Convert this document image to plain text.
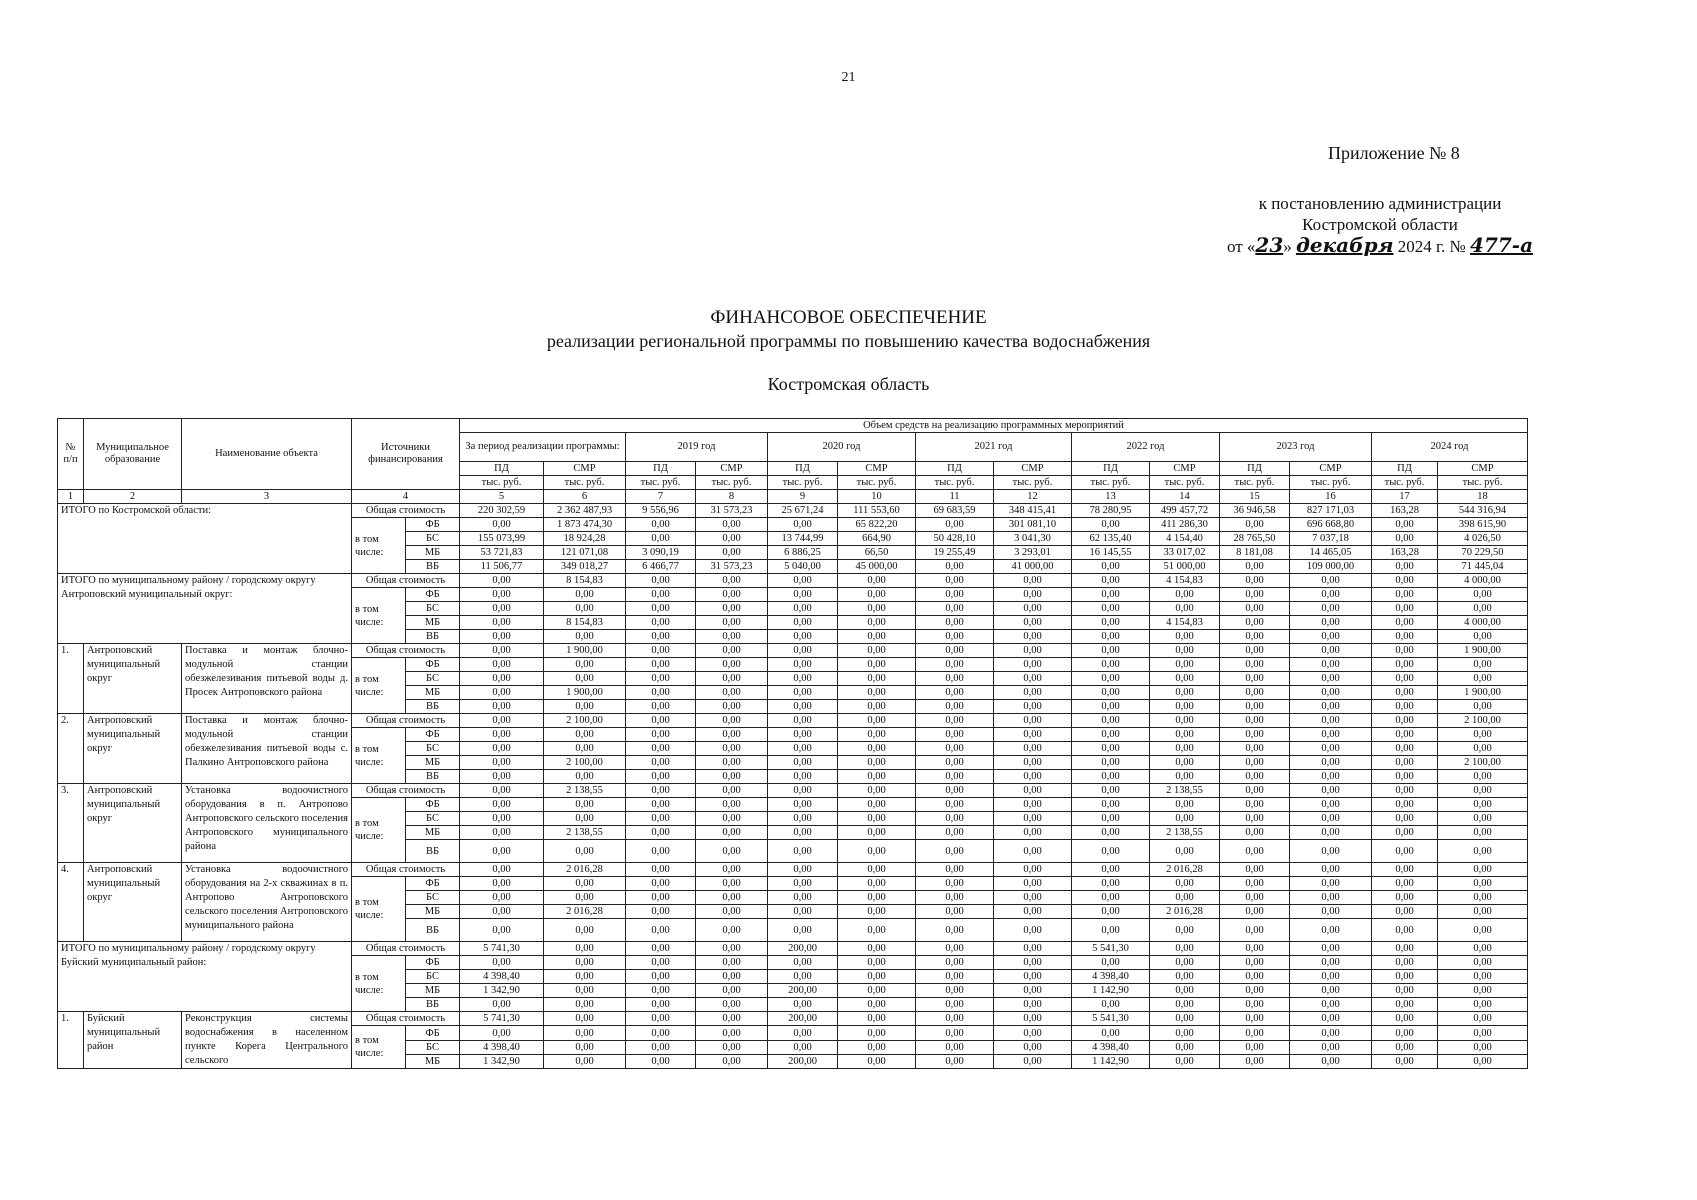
21
Приложение № 8
к постановлению администрации
Костромской области
от «23» декабря 2024 г. № 477-а
ФИНАНСОВОЕ ОБЕСПЕЧЕНИЕ
реализации региональной программы по повышению качества водоснабжения
Костромская область
№ п/п	Муниципальное образование	Наименование объекта	Источники финансирования		Объем средств на реализацию программных мероприятий													
					За период реализации программы:		2019 год		2020 год		2021 год		2022 год		2023 год		2024 год	
					ПД	СМР	ПД	СМР	ПД	СМР	ПД	СМР	ПД	СМР	ПД	СМР	ПД	СМР
					тыс. руб.	тыс. руб.	тыс. руб.	тыс. руб.	тыс. руб.	тыс. руб.	тыс. руб.	тыс. руб.	тыс. руб.	тыс. руб.	тыс. руб.	тыс. руб.	тыс. руб.	тыс. руб.
1	2	3	4		5	6	7	8	9	10	11	12	13	14	15	16	17	18
ИТОГО по Костромской области:			Общая стоимость		220 302,59	2 362 487,93	9 556,96	31 573,23	25 671,24	111 553,60	69 683,59	348 415,41	78 280,95	499 457,72	36 946,58	827 171,03	163,28	544 316,94
			в том числе:	ФБ	0,00	1 873 474,30	0,00	0,00	0,00	65 822,20	0,00	301 081,10	0,00	411 286,30	0,00	696 668,80	0,00	398 615,90
				БС	155 073,99	18 924,28	0,00	0,00	13 744,99	664,90	50 428,10	3 041,30	62 135,40	4 154,40	28 765,50	7 037,18	0,00	4 026,50
				МБ	53 721,83	121 071,08	3 090,19	0,00	6 886,25	66,50	19 255,49	3 293,01	16 145,55	33 017,02	8 181,08	14 465,05	163,28	70 229,50
				ВБ	11 506,77	349 018,27	6 466,77	31 573,23	5 040,00	45 000,00	0,00	41 000,00	0,00	51 000,00	0,00	109 000,00	0,00	71 445,04
ИТОГО по муниципальному району / городскому округу Антроповский муниципальный округ:			Общая стоимость		0,00	8 154,83	0,00	0,00	0,00	0,00	0,00	0,00	0,00	4 154,83	0,00	0,00	0,00	4 000,00
			в том числе:	ФБ	0,00	0,00	0,00	0,00	0,00	0,00	0,00	0,00	0,00	0,00	0,00	0,00	0,00	0,00
				БС	0,00	0,00	0,00	0,00	0,00	0,00	0,00	0,00	0,00	0,00	0,00	0,00	0,00	0,00
				МБ	0,00	8 154,83	0,00	0,00	0,00	0,00	0,00	0,00	0,00	4 154,83	0,00	0,00	0,00	4 000,00
				ВБ	0,00	0,00	0,00	0,00	0,00	0,00	0,00	0,00	0,00	0,00	0,00	0,00	0,00	0,00
1.	Антроповский муниципальный округ	Поставка и монтаж блочно-модульной станции обезжелезивания питьевой воды д. Просек Антроповского района	Общая стоимость		0,00	1 900,00	0,00	0,00	0,00	0,00	0,00	0,00	0,00	0,00	0,00	0,00	0,00	1 900,00
			в том числе:	ФБ	0,00	0,00	0,00	0,00	0,00	0,00	0,00	0,00	0,00	0,00	0,00	0,00	0,00	0,00
				БС	0,00	0,00	0,00	0,00	0,00	0,00	0,00	0,00	0,00	0,00	0,00	0,00	0,00	0,00
				МБ	0,00	1 900,00	0,00	0,00	0,00	0,00	0,00	0,00	0,00	0,00	0,00	0,00	0,00	1 900,00
				ВБ	0,00	0,00	0,00	0,00	0,00	0,00	0,00	0,00	0,00	0,00	0,00	0,00	0,00	0,00
2.	Антроповский муниципальный округ	Поставка и монтаж блочно-модульной станции обезжелезивания питьевой воды с. Палкино Антроповского района	Общая стоимость		0,00	2 100,00	0,00	0,00	0,00	0,00	0,00	0,00	0,00	0,00	0,00	0,00	0,00	2 100,00
			в том числе:	ФБ	0,00	0,00	0,00	0,00	0,00	0,00	0,00	0,00	0,00	0,00	0,00	0,00	0,00	0,00
				БС	0,00	0,00	0,00	0,00	0,00	0,00	0,00	0,00	0,00	0,00	0,00	0,00	0,00	0,00
				МБ	0,00	2 100,00	0,00	0,00	0,00	0,00	0,00	0,00	0,00	0,00	0,00	0,00	0,00	2 100,00
				ВБ	0,00	0,00	0,00	0,00	0,00	0,00	0,00	0,00	0,00	0,00	0,00	0,00	0,00	0,00
3.	Антроповский муниципальный округ	Установка водоочистного оборудования в п. Антропово Антроповского сельского поселения Антроповского муниципального района	Общая стоимость		0,00	2 138,55	0,00	0,00	0,00	0,00	0,00	0,00	0,00	2 138,55	0,00	0,00	0,00	0,00
			в том числе:	ФБ	0,00	0,00	0,00	0,00	0,00	0,00	0,00	0,00	0,00	0,00	0,00	0,00	0,00	0,00
				БС	0,00	0,00	0,00	0,00	0,00	0,00	0,00	0,00	0,00	0,00	0,00	0,00	0,00	0,00
				МБ	0,00	2 138,55	0,00	0,00	0,00	0,00	0,00	0,00	0,00	2 138,55	0,00	0,00	0,00	0,00
				ВБ	0,00	0,00	0,00	0,00	0,00	0,00	0,00	0,00	0,00	0,00	0,00	0,00	0,00	0,00
4.	Антроповский муниципальный округ	Установка водоочистного оборудования на 2-х скважинах в п. Антропово Антроповского сельского поселения Антроповского муниципального района	Общая стоимость		0,00	2 016,28	0,00	0,00	0,00	0,00	0,00	0,00	0,00	2 016,28	0,00	0,00	0,00	0,00
			в том числе:	ФБ	0,00	0,00	0,00	0,00	0,00	0,00	0,00	0,00	0,00	0,00	0,00	0,00	0,00	0,00
				БС	0,00	0,00	0,00	0,00	0,00	0,00	0,00	0,00	0,00	0,00	0,00	0,00	0,00	0,00
				МБ	0,00	2 016,28	0,00	0,00	0,00	0,00	0,00	0,00	0,00	2 016,28	0,00	0,00	0,00	0,00
				ВБ	0,00	0,00	0,00	0,00	0,00	0,00	0,00	0,00	0,00	0,00	0,00	0,00	0,00	0,00
ИТОГО по муниципальному району / городскому округу Буйский муниципальный район:			Общая стоимость		5 741,30	0,00	0,00	0,00	200,00	0,00	0,00	0,00	5 541,30	0,00	0,00	0,00	0,00	0,00
			в том числе:	ФБ	0,00	0,00	0,00	0,00	0,00	0,00	0,00	0,00	0,00	0,00	0,00	0,00	0,00	0,00
				БС	4 398,40	0,00	0,00	0,00	0,00	0,00	0,00	0,00	4 398,40	0,00	0,00	0,00	0,00	0,00
				МБ	1 342,90	0,00	0,00	0,00	200,00	0,00	0,00	0,00	1 142,90	0,00	0,00	0,00	0,00	0,00
				ВБ	0,00	0,00	0,00	0,00	0,00	0,00	0,00	0,00	0,00	0,00	0,00	0,00	0,00	0,00
1.	Буйский муниципальный район	Реконструкция системы водоснабжения в населенном пункте Корега Центрального сельского	Общая стоимость		5 741,30	0,00	0,00	0,00	200,00	0,00	0,00	0,00	5 541,30	0,00	0,00	0,00	0,00	0,00
			в том числе:	ФБ	0,00	0,00	0,00	0,00	0,00	0,00	0,00	0,00	0,00	0,00	0,00	0,00	0,00	0,00
				БС	4 398,40	0,00	0,00	0,00	0,00	0,00	0,00	0,00	4 398,40	0,00	0,00	0,00	0,00	0,00
				МБ	1 342,90	0,00	0,00	0,00	200,00	0,00	0,00	0,00	1 142,90	0,00	0,00	0,00	0,00	0,00
